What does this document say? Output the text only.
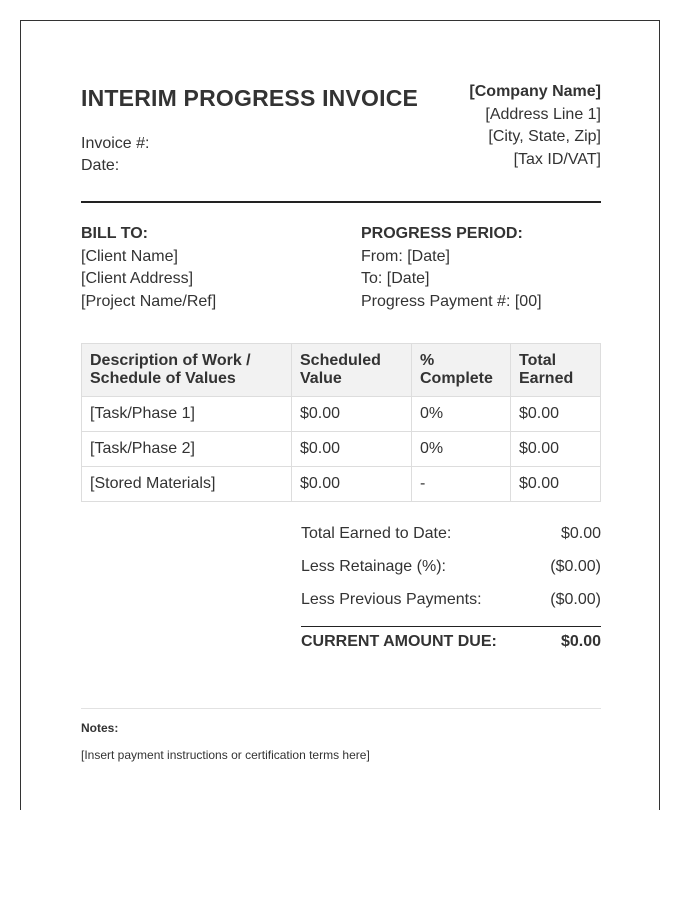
INTERIM PROGRESS INVOICE
Invoice #:
Date:
[Company Name]
[Address Line 1]
[City, State, Zip]
[Tax ID/VAT]
BILL TO:
[Client Name]
[Client Address]
[Project Name/Ref]
PROGRESS PERIOD:
From: [Date]
To: [Date]
Progress Payment #: [00]
Description of Work / Schedule of Values	Scheduled Value	% Complete	Total Earned
[Task/Phase 1]	$0.00	0%	$0.00
[Task/Phase 2]	$0.00	0%	$0.00
[Stored Materials]	$0.00	-	$0.00
Total Earned to Date:	$0.00
Less Retainage (%):	($0.00)
Less Previous Payments:	($0.00)
CURRENT AMOUNT DUE:	$0.00
Notes:
[Insert payment instructions or certification terms here]
